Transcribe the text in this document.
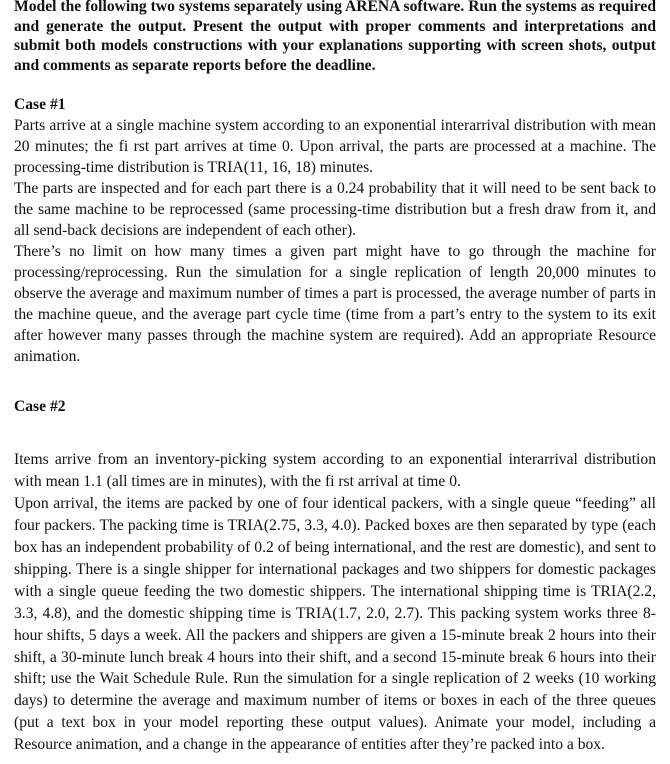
Model the following two systems separately using ARENA software. Run the systems as required and generate the output. Present the output with proper comments and interpretations and submit both models constructions with your explanations supporting with screen shots, output and comments as separate reports before the deadline.

Case #1

Parts arrive at a single machine system according to an exponential interarrival distribution with mean 20 minutes; the fi rst part arrives at time 0. Upon arrival, the parts are processed at a machine. The processing-time distribution is TRIA(11, 16, 18) minutes.

The parts are inspected and for each part there is a 0.24 probability that it will need to be sent back to the same machine to be reprocessed (same processing-time distribution but a fresh draw from it, and all send-back decisions are independent of each other).

There’s no limit on how many times a given part might have to go through the machine for processing/reprocessing. Run the simulation for a single replication of length 20,000 minutes to observe the average and maximum number of times a part is processed, the average number of parts in the machine queue, and the average part cycle time (time from a part’s entry to the system to its exit after however many passes through the machine system are required). Add an appropriate Resource animation.

Case #2

Items arrive from an inventory-picking system according to an exponential interarrival distribution with mean 1.1 (all times are in minutes), with the fi rst arrival at time 0.

Upon arrival, the items are packed by one of four identical packers, with a single queue “feeding” all four packers. The packing time is TRIA(2.75, 3.3, 4.0). Packed boxes are then separated by type (each box has an independent probability of 0.2 of being international, and the rest are domestic), and sent to shipping. There is a single shipper for international packages and two shippers for domestic packages with a single queue feeding the two domestic shippers. The international shipping time is TRIA(2.2, 3.3, 4.8), and the domestic shipping time is TRIA(1.7, 2.0, 2.7). This packing system works three 8-hour shifts, 5 days a week. All the packers and shippers are given a 15-minute break 2 hours into their shift, a 30-minute lunch break 4 hours into their shift, and a second 15-minute break 6 hours into their shift; use the Wait Schedule Rule. Run the simulation for a single replication of 2 weeks (10 working days) to determine the average and maximum number of items or boxes in each of the three queues (put a text box in your model reporting these output values). Animate your model, including a Resource animation, and a change in the appearance of entities after they’re packed into a box.
